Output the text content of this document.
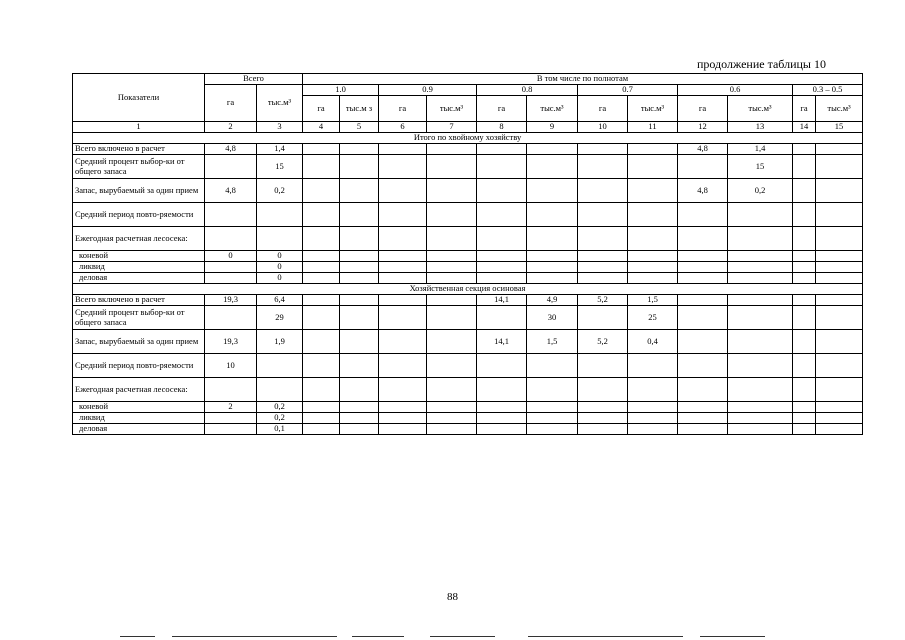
продолжение таблицы 10
Показатели	Всего		В том числе по полнотам											
	га	тыс.м³	1.0		0.9		0.8		0.7		0.6		0.3 – 0.5	
			га	тыс.м з	га	тыс.м³	га	тыс.м³	га	тыс.м³	га	тыс.м³	га	тыс.м³
1	2	3	4	5	6	7	8	9	10	11	12	13	14	15
Итого по хвойному хозяйству														
Всего включено в расчет	4,8	1,4									4,8	1,4		
Средний процент выбор-ки от общего запаса		15										15		
Запас, вырубаемый за один прием	4,8	0,2									4,8	0,2		
Средний период повто-ряемости														
Ежегодная расчетная лесосека:														
коневой	0	0												
ликвид		0												
деловая		0												
Хозяйственная секция осиновая														
Всего включено в расчет	19,3	6,4					14,1	4,9	5,2	1,5				
Средний процент выбор-ки от общего запаса		29						30		25				
Запас, вырубаемый за один прием	19,3	1,9					14,1	1,5	5,2	0,4				
Средний период повто-ряемости	10													
Ежегодная расчетная лесосека:														
коневой	2	0,2												
ликвид		0,2												
деловая		0,1												
88
